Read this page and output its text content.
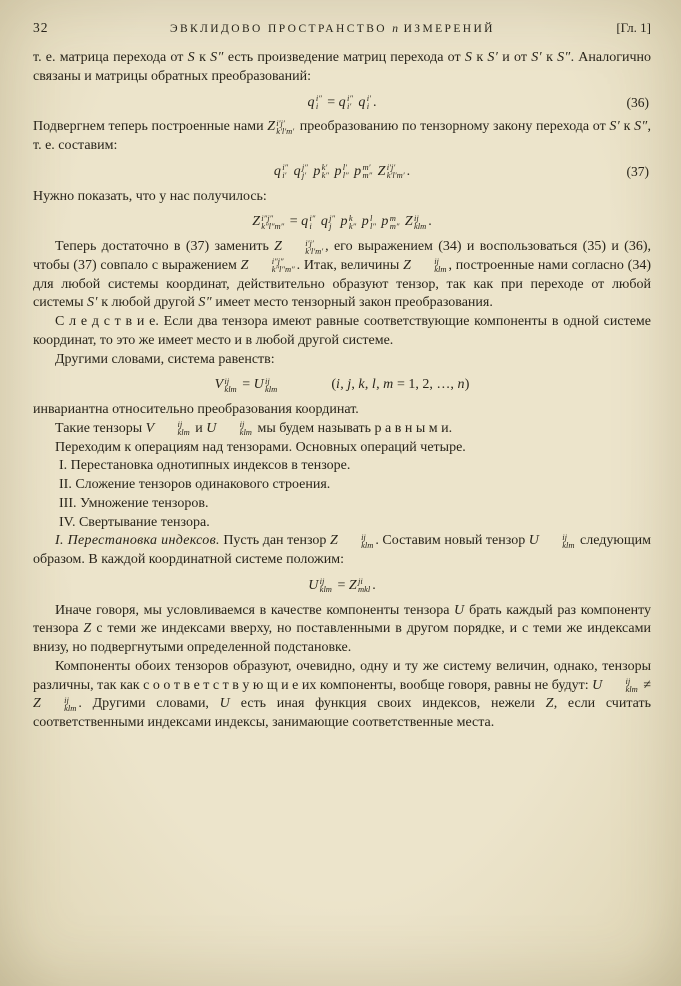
32	ЭВКЛИДОВО ПРОСТРАНСТВО n ИЗМЕРЕНИЙ	[Гл. 1]

т. е. матрица перехода от S к S″ есть произведение матриц перехода от S к S′ и от S′ к S″. Аналогично связаны и матрицы обратных преобразований:

q i″
i = q i″
i′ q i′
i .	(36)

Подвергнем теперь построенные нами Z i′j′
k′l′m′ преобразованию по тензорному закону перехода от S′ к S″, т. е. составим:

q i″
i′ q j″
j′ p k′
k″ p l′
l″ p m′
m″ Z i′j′
k′l′m′ .	(37)

Нужно показать, что у нас получилось:

Z i″j″
k″l″m″ = q i″
i q j″
j p k
k″ p l
l″ p m
m″ Z ij
klm .

Теперь достаточно в (37) заменить Z	i′j′
k′l′m′ , его выражением (34) и воспользоваться (35) и (36), чтобы (37) совпало с выражением Z	i″j″
k″l″m″ . Итак, величины Z	ij
klm , построенные нами согласно (34) для любой системы координат, действительно образуют тензор, так как при переходе от любой системы S′ к любой другой S″ имеет место тензорный закон преобразования.

С л е д с т в и е. Если два тензора имеют равные соответствующие компоненты в одной системе координат, то это же имеет место и в любой другой системе.

Другими словами, система равенств:

V ij
klm = U ij
klm	(i, j, k, l, m = 1, 2, …, n)

инвариантна относительно преобразования координат.

Такие тензоры V	ij
klm и U	ij
klm мы будем называть р а в н ы м и.

Переходим к операциям над тензорами. Основных операций четыре.

I. Перестановка однотипных индексов в тензоре.

II. Сложение тензоров одинакового строения.

III. Умножение тензоров.

IV. Свертывание тензора.

I. Перестановка индексов. Пусть дан тензор Z	ij
klm . Составим новый тензор U	ij
klm следующим образом. В каждой координатной системе положим:

U ij
klm = Z ji
mkl .

Иначе говоря, мы условливаемся в качестве компоненты тензора U брать каждый раз компоненту тензора Z с теми же индексами вверху, но поставленными в другом порядке, и с теми же индексами внизу, но подвергнутыми определенной подстановке.

Компоненты обоих тензоров образуют, очевидно, одну и ту же систему величин, однако, тензоры различны, так как с о о т в е т с т в у ю щ и е их компоненты, вообще говоря, равны не будут: U	ij
klm ≠ Z	ij
klm . Другими словами, U есть иная функция своих индексов, нежели Z, если считать соответственными индексами индексы, занимающие соответственные места.
